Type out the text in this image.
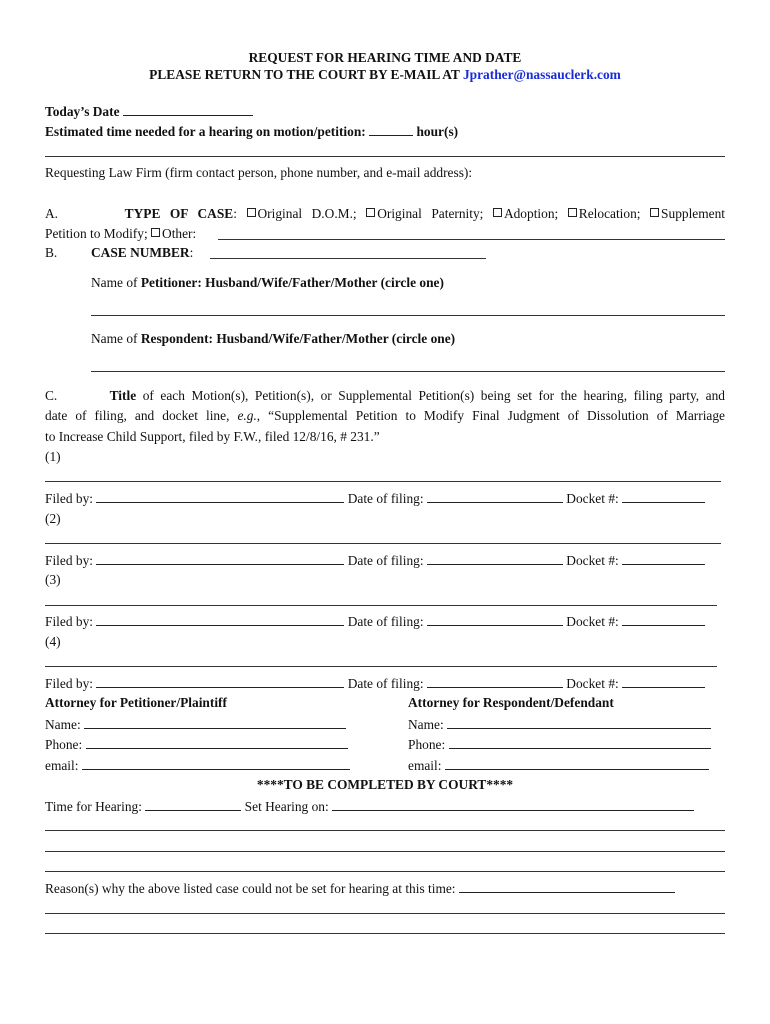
REQUEST FOR HEARING TIME AND DATE
PLEASE RETURN TO THE COURT BY E-MAIL AT Jprather@nassauclerk.com
Today’s Date
Estimated time needed for a hearing on motion/petition:	hour(s)
Requesting Law Firm (firm contact person, phone number, and e-mail address):
A.	TYPE OF CASE: Original D.O.M.; Original Paternity; Adoption; Relocation; Supplement
Petition to Modify; Other:
B.	CASE NUMBER:
Name of Petitioner: Husband/Wife/Father/Mother (circle one)
Name of Respondent: Husband/Wife/Father/Mother (circle one)
C.	Title of each Motion(s), Petition(s), or Supplemental Petition(s) being set for the hearing, filing party, and
date of filing, and docket line, e.g., “Supplemental Petition to Modify Final Judgment of Dissolution of Marriage
to Increase Child Support, filed by F.W., filed 12/8/16, # 231.”
(1)
Filed by:	Date of filing:	Docket #:
(2)
Filed by:	Date of filing:	Docket #:
(3)
Filed by:	Date of filing:	Docket #:
(4)
Filed by:	Date of filing:	Docket #:
Attorney for Petitioner/Plaintiff	Attorney for Respondent/Defendant
Name:	Name:
Phone:	Phone:
email:	email:
****TO BE COMPLETED BY COURT****
Time for Hearing:	Set Hearing on:
Reason(s) why the above listed case could not be set for hearing at this time:
